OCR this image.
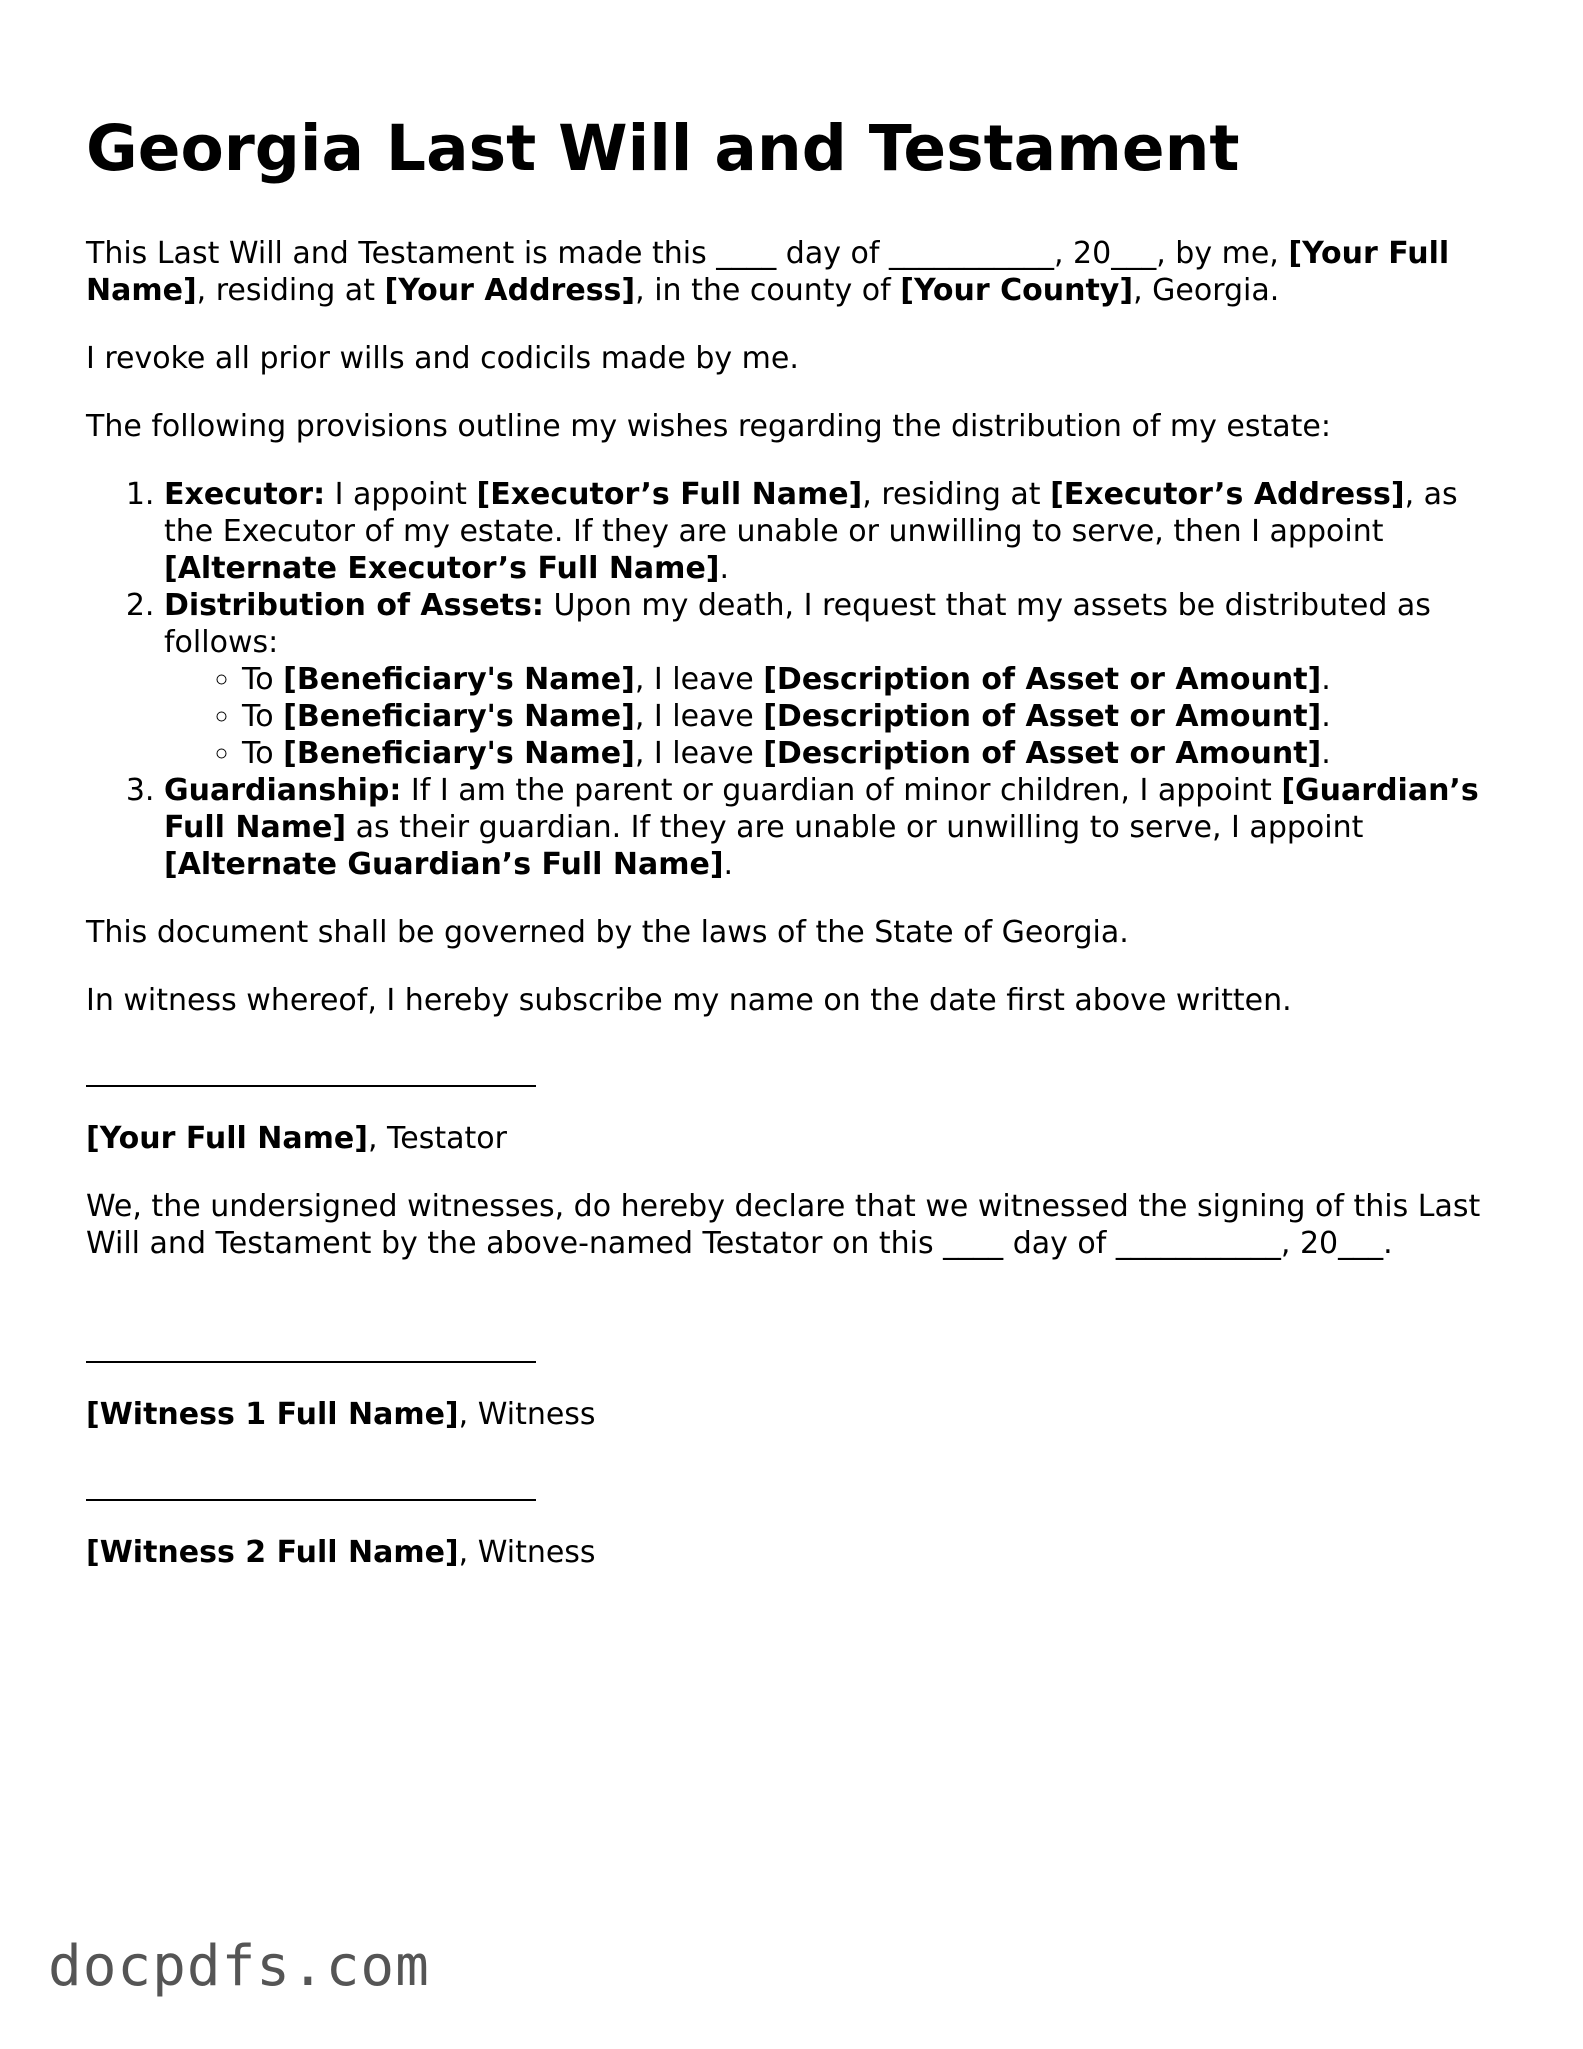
Georgia Last Will and Testament

This Last Will and Testament is made this ____ day of ___________, 20___, by me, [Your Full Name], residing at [Your Address], in the county of [Your County], Georgia.

I revoke all prior wills and codicils made by me.

The following provisions outline my wishes regarding the distribution of my estate:

1. Executor: I appoint [Executor’s Full Name], residing at [Executor’s Address], as the Executor of my estate. If they are unable or unwilling to serve, then I appoint [Alternate Executor’s Full Name].
2. Distribution of Assets: Upon my death, I request that my assets be distributed as follows:
◦ To [Beneficiary's Name], I leave [Description of Asset or Amount].
◦ To [Beneficiary's Name], I leave [Description of Asset or Amount].
◦ To [Beneficiary's Name], I leave [Description of Asset or Amount].
3. Guardianship: If I am the parent or guardian of minor children, I appoint [Guardian’s Full Name] as their guardian. If they are unable or unwilling to serve, I appoint [Alternate Guardian’s Full Name].

This document shall be governed by the laws of the State of Georgia.

In witness whereof, I hereby subscribe my name on the date first above written.

[Your Full Name], Testator

We, the undersigned witnesses, do hereby declare that we witnessed the signing of this Last Will and Testament by the above-named Testator on this ____ day of ___________, 20___.

[Witness 1 Full Name], Witness

[Witness 2 Full Name], Witness

docpdfs.com
